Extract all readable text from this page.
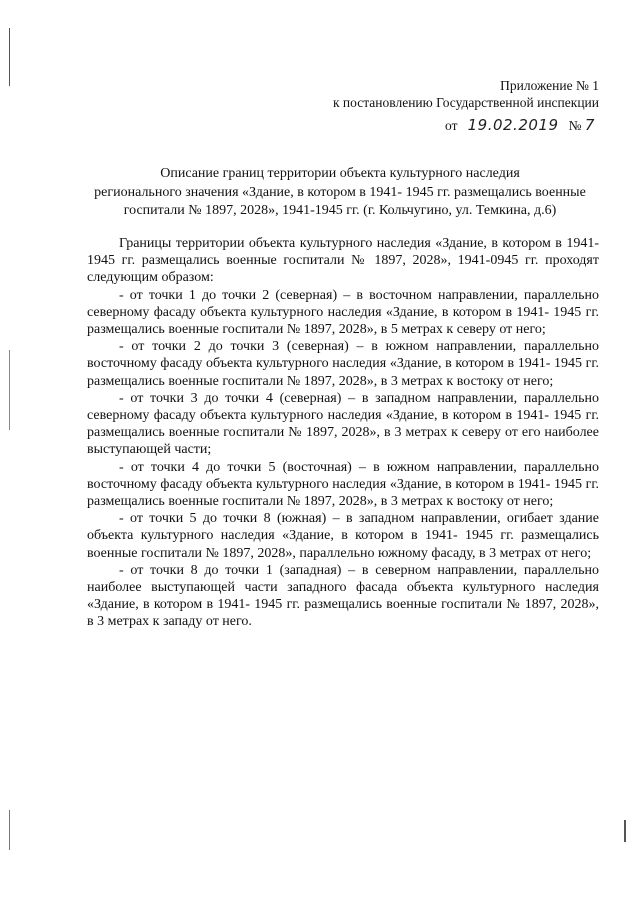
Приложение № 1
к постановлению Государственной инспекции
от 19.02.2019 № 7
Описание границ территории объекта культурного наследия
регионального значения «Здание, в котором в 1941- 1945 гг. размещались военные
госпитали № 1897, 2028», 1941-1945 гг. (г. Кольчугино, ул. Темкина, д.6)

Границы территории объекта культурного наследия «Здание, в котором в 1941- 1945 гг. размещались военные госпитали № 1897, 2028», 1941-0945 гг. проходят следующим образом:

- от точки 1 до точки 2 (северная) – в восточном направлении, параллельно северному фасаду объекта культурного наследия «Здание, в котором в 1941- 1945 гг. размещались военные госпитали № 1897, 2028», в 5 метрах к северу от него;

- от точки 2 до точки 3 (северная) – в южном направлении, параллельно восточному фасаду объекта культурного наследия «Здание, в котором в 1941- 1945 гг. размещались военные госпитали № 1897, 2028», в 3 метрах к востоку от него;

- от точки 3 до точки 4 (северная) – в западном направлении, параллельно северному фасаду объекта культурного наследия «Здание, в котором в 1941- 1945 гг. размещались военные госпитали № 1897, 2028», в 3 метрах к северу от его наиболее выступающей части;

- от точки 4 до точки 5 (восточная) – в южном направлении, параллельно восточному фасаду объекта культурного наследия «Здание, в котором в 1941- 1945 гг. размещались военные госпитали № 1897, 2028», в 3 метрах к востоку от него;

- от точки 5 до точки 8 (южная) – в западном направлении, огибает здание объекта культурного наследия «Здание, в котором в 1941- 1945 гг. размещались военные госпитали № 1897, 2028», параллельно южному фасаду, в 3 метрах от него;

- от точки 8 до точки 1 (западная) – в северном направлении, параллельно наиболее выступающей части западного фасада объекта культурного наследия «Здание, в котором в 1941- 1945 гг. размещались военные госпитали № 1897, 2028», в 3 метрах к западу от него.
